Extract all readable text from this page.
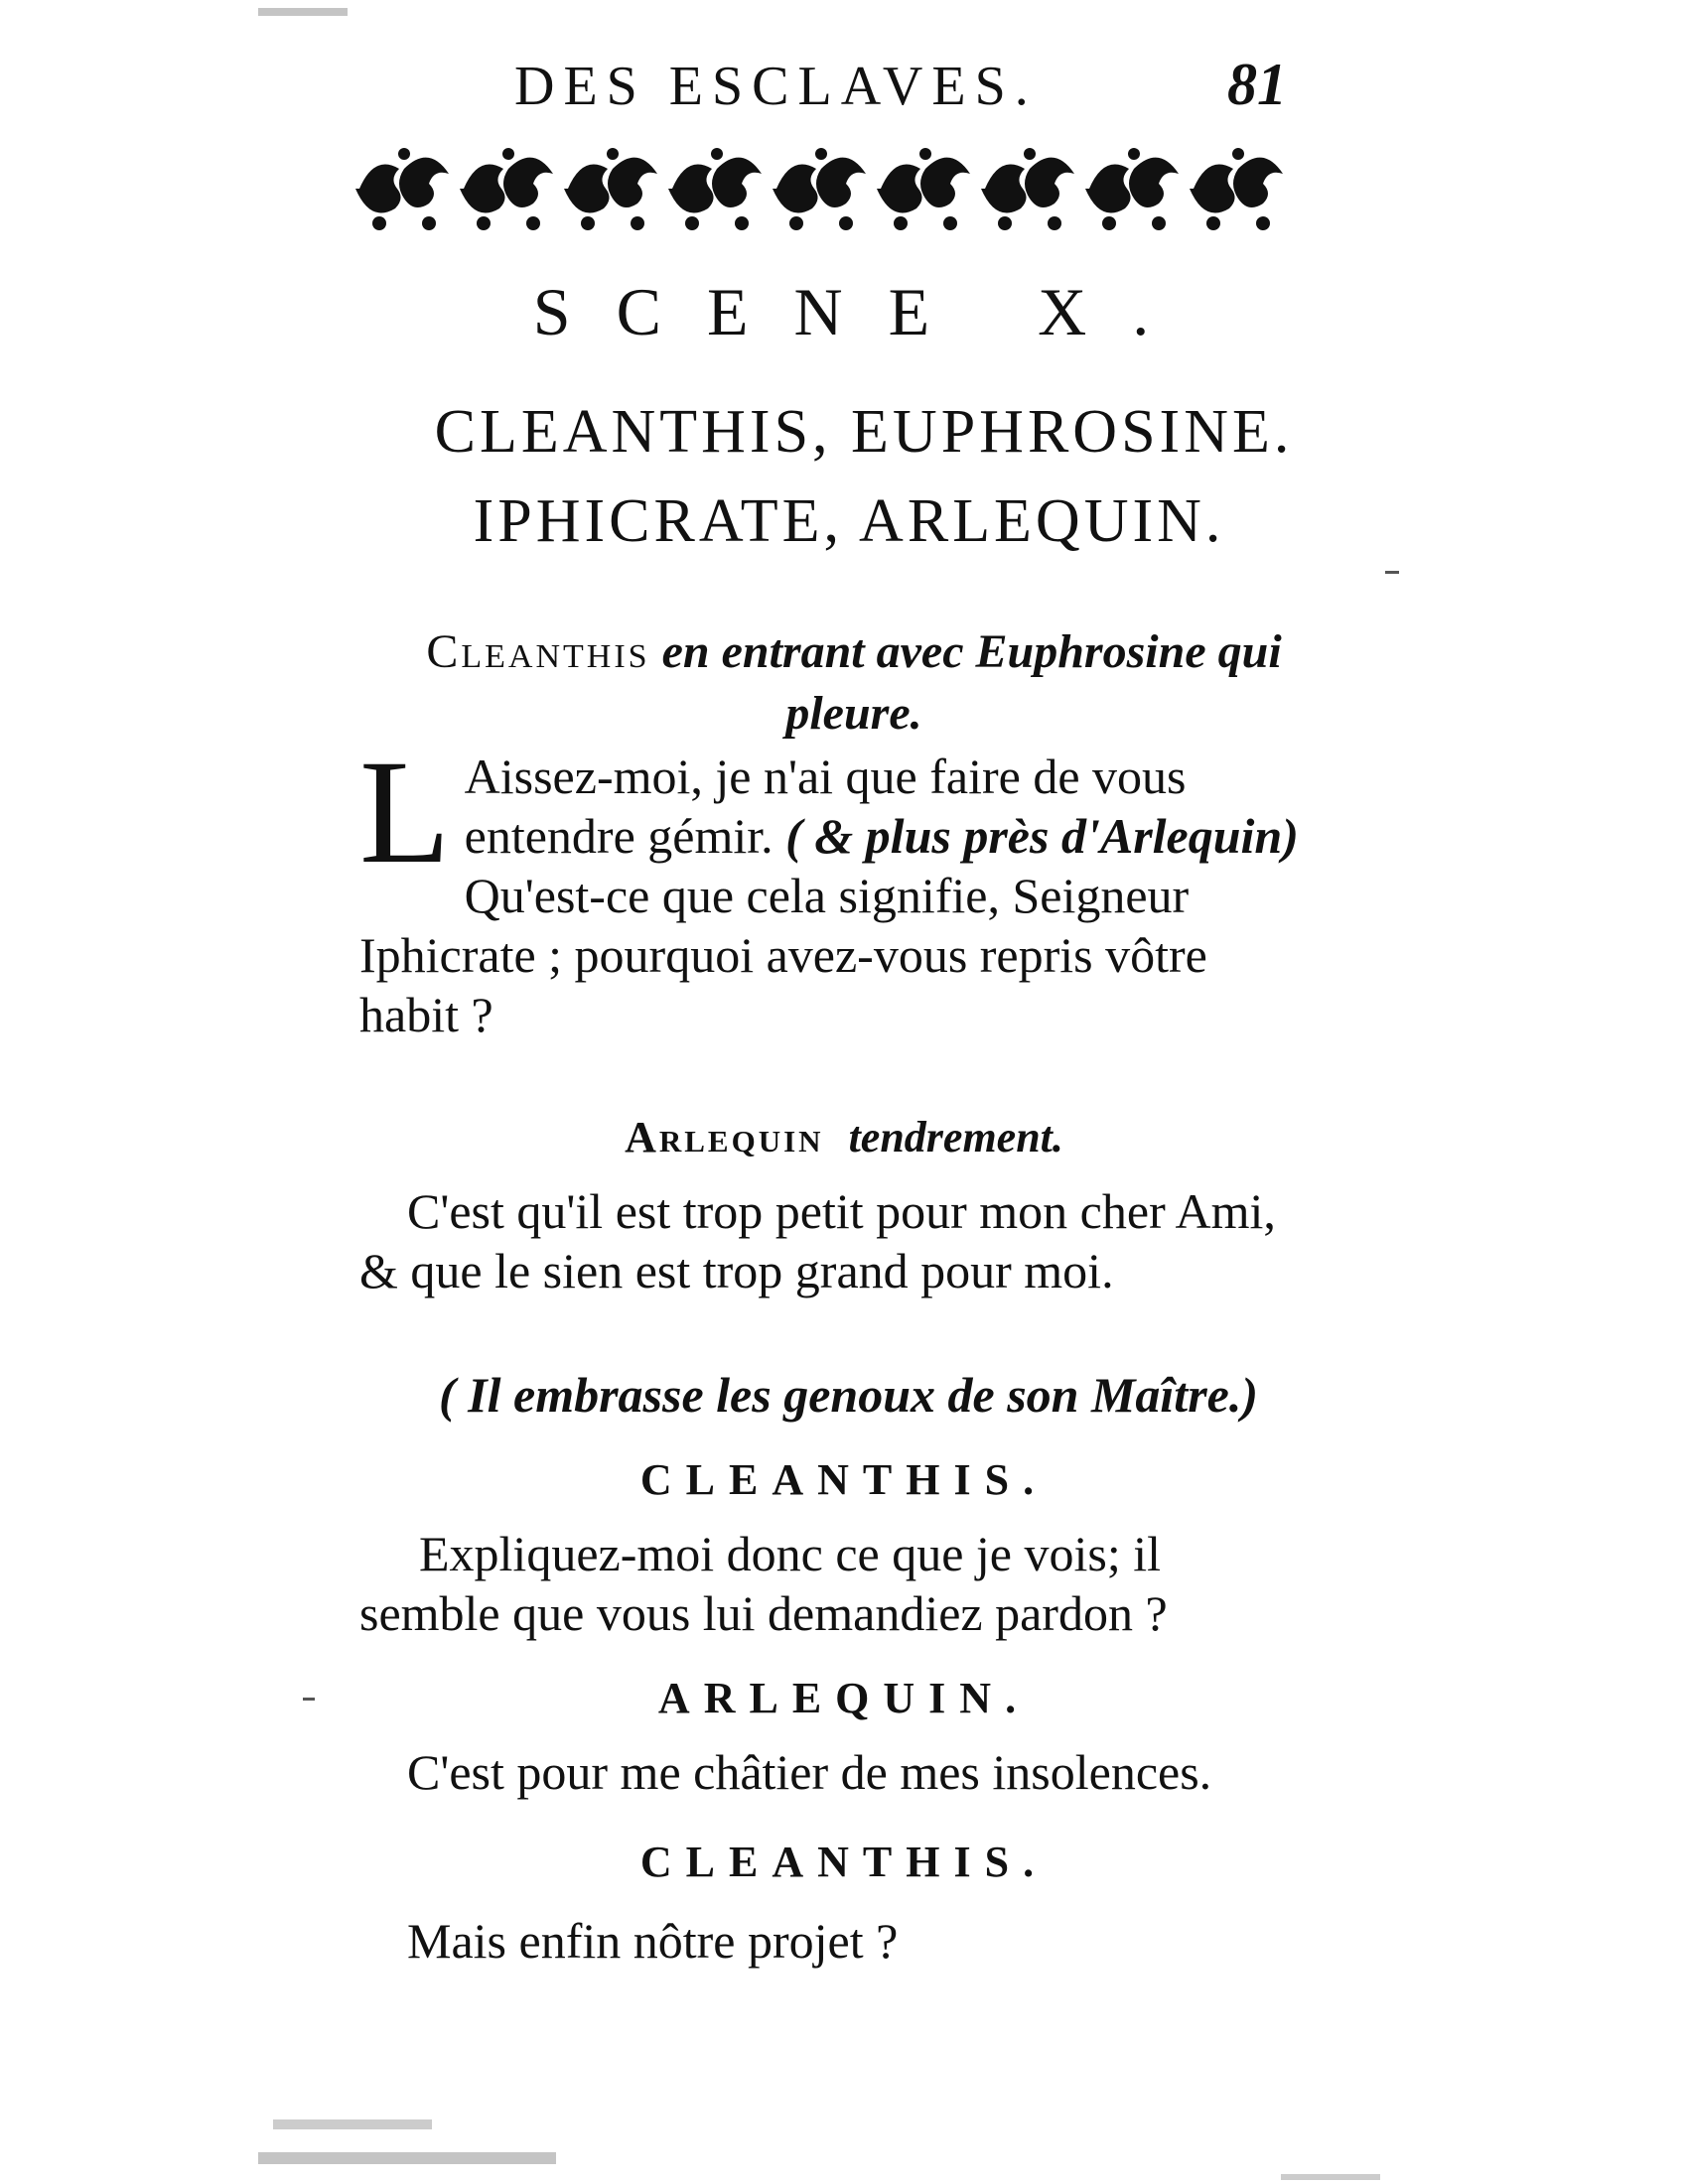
DES ESCLAVES.	81
SCENE X.
CLEANTHIS, EUPHROSINE.
IPHICRATE, ARLEQUIN.
Cleanthis en entrant avec Euphrosine qui pleure.
L Aissez-moi, je n'ai que faire de vous entendre gémir. ( & plus près d'Arlequin) Qu'est-ce que cela signifie, Seigneur Iphicrate ; pourquoi avez-vous repris vôtre habit ?
Arlequin tendrement.
C'est qu'il est trop petit pour mon cher Ami, & que le sien est trop grand pour moi.
( Il embrasse les genoux de son Maître.)
CLEANTHIS.
Expliquez-moi donc ce que je vois; il semble que vous lui demandiez pardon ?
ARLEQUIN.
C'est pour me châtier de mes insolences.
CLEANTHIS.
Mais enfin nôtre projet ?
